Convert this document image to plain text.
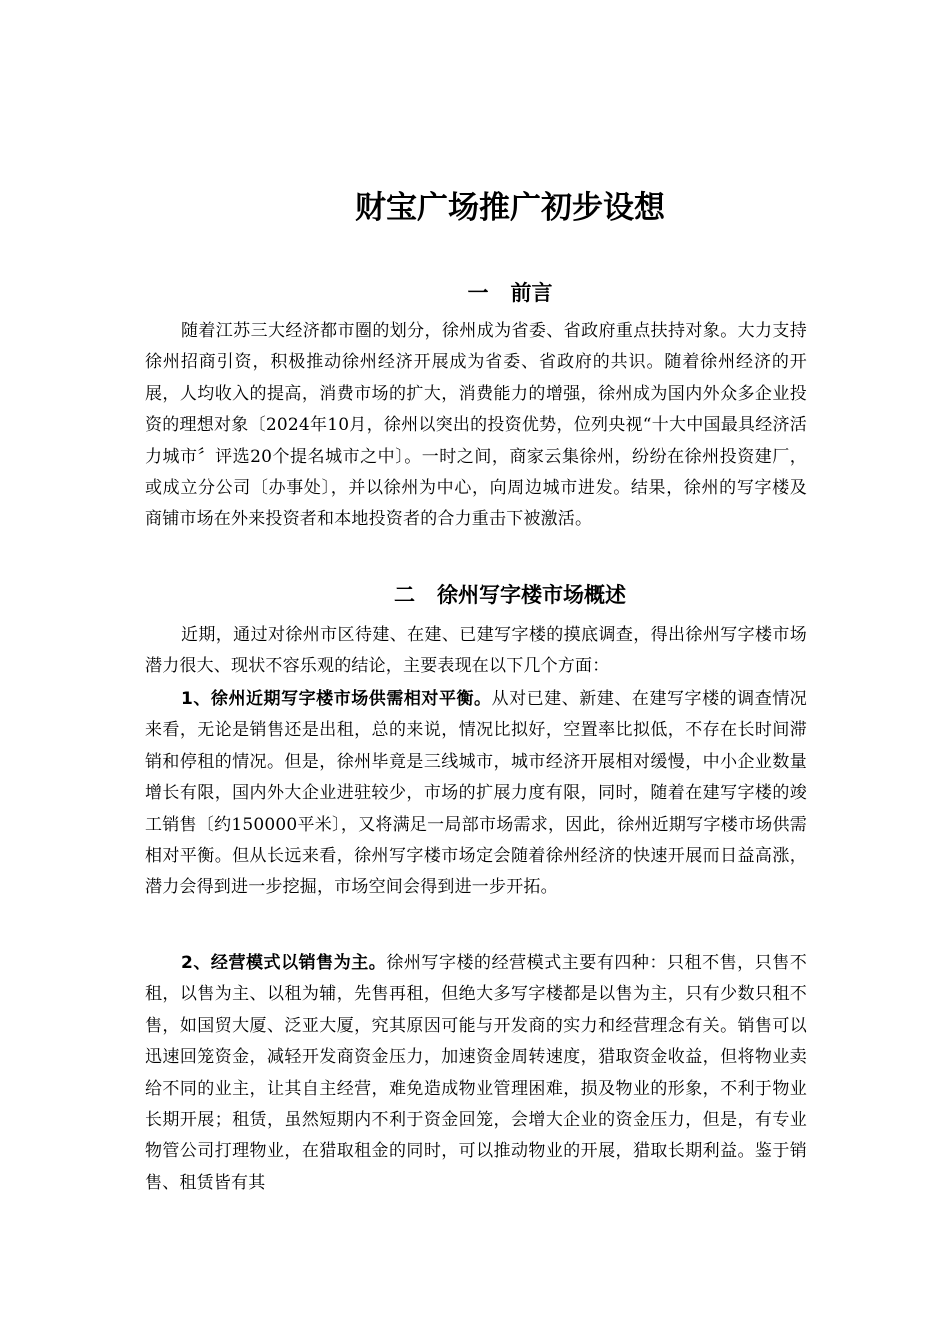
财宝广场推广初步设想
一 前言

随着江苏三大经济都市圈的划分，徐州成为省委、省政府重点扶持对象。大力支持徐州招商引资，积极推动徐州经济开展成为省委、省政府的共识。随着徐州经济的开展，人均收入的提高，消费市场的扩大，消费能力的增强，徐州成为国内外众多企业投资的理想对象〔2024年10月，徐州以突出的投资优势，位列央视“十大中国最具经济活力城市〞评选20个提名城市之中〕。一时之间，商家云集徐州，纷纷在徐州投资建厂，或成立分公司〔办事处〕，并以徐州为中心，向周边城市进发。结果，徐州的写字楼及商铺市场在外来投资者和本地投资者的合力重击下被激活。

二 徐州写字楼市场概述

近期，通过对徐州市区待建、在建、已建写字楼的摸底调查，得出徐州写字楼市场潜力很大、现状不容乐观的结论，主要表现在以下几个方面：

1、徐州近期写字楼市场供需相对平衡。从对已建、新建、在建写字楼的调查情况来看，无论是销售还是出租，总的来说，情况比拟好，空置率比拟低，不存在长时间滞销和停租的情况。但是，徐州毕竟是三线城市，城市经济开展相对缓慢，中小企业数量增长有限，国内外大企业进驻较少，市场的扩展力度有限，同时，随着在建写字楼的竣工销售〔约150000平米〕，又将满足一局部市场需求，因此，徐州近期写字楼市场供需相对平衡。但从长远来看，徐州写字楼市场定会随着徐州经济的快速开展而日益高涨，潜力会得到进一步挖掘，市场空间会得到进一步开拓。

2、经营模式以销售为主。徐州写字楼的经营模式主要有四种：只租不售，只售不租，以售为主、以租为辅，先售再租，但绝大多写字楼都是以售为主，只有少数只租不售，如国贸大厦、泛亚大厦，究其原因可能与开发商的实力和经营理念有关。销售可以迅速回笼资金，减轻开发商资金压力，加速资金周转速度，猎取资金收益，但将物业卖给不同的业主，让其自主经营，难免造成物业管理困难，损及物业的形象，不利于物业长期开展；租赁，虽然短期内不利于资金回笼，会增大企业的资金压力，但是，有专业物管公司打理物业，在猎取租金的同时，可以推动物业的开展，猎取长期利益。鉴于销售、租赁皆有其
